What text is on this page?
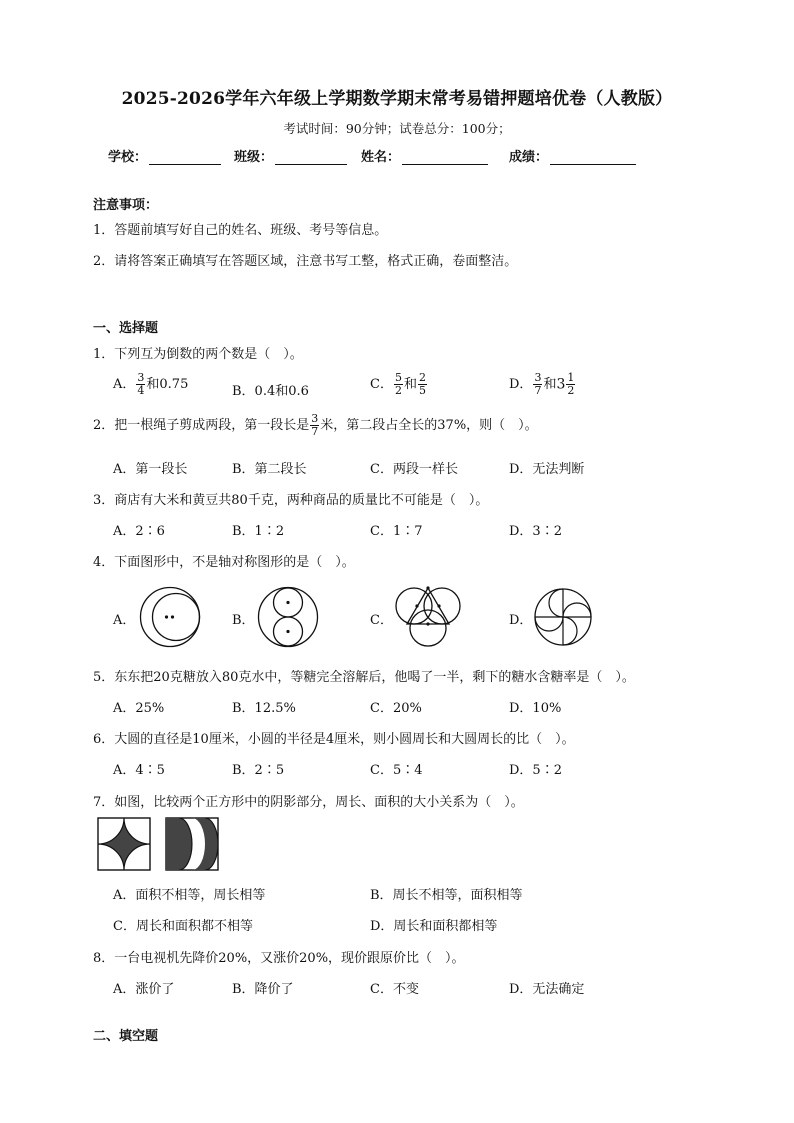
2025-2026学年六年级上学期数学期末常考易错押题培优卷（人教版）
考试时间：90分钟；试卷总分：100分；
学校：	班级：	姓名：	成绩：
注意事项：
1．答题前填写好自己的姓名、班级、考号等信息。
2．请将答案正确填写在答题区域，注意书写工整，格式正确，卷面整洁。
一、选择题
1．下列互为倒数的两个数是（　）。
A． $\frac{3}{4}$ 和0.75	B．0.4和0.6	C． $\frac{5}{2}$ 和 $\frac{2}{5}$	D． $\frac{3}{7}$ 和$3 \frac{1}{2}$
2．把一根绳子剪成两段，第一段长是 $\frac{3}{7}$ 米，第二段占全长的37%，则（　）。
A．第一段长	B．第二段长	C．两段一样长	D．无法判断
3．商店有大米和黄豆共80千克，两种商品的质量比不可能是（　）。
A．2∶6	B．1∶2	C．1∶7	D．3∶2
4．下面图形中，不是轴对称图形的是（　）。
A．	B．	C．	D．
5．东东把20克糖放入80克水中，等糖完全溶解后，他喝了一半，剩下的糖水含糖率是（　）。
A．25%	B．12.5%	C．20%	D．10%
6．大圆的直径是10厘米，小圆的半径是4厘米，则小圆周长和大圆周长的比（　）。
A．4∶5	B．2∶5	C．5∶4	D．5∶2
7．如图，比较两个正方形中的阴影部分，周长、面积的大小关系为（　）。
A．面积不相等，周长相等	B．周长不相等，面积相等
C．周长和面积都不相等	D．周长和面积都相等
8．一台电视机先降价20%，又涨价20%，现价跟原价比（　）。
A．涨价了	B．降价了	C．不变	D．无法确定
二、填空题
